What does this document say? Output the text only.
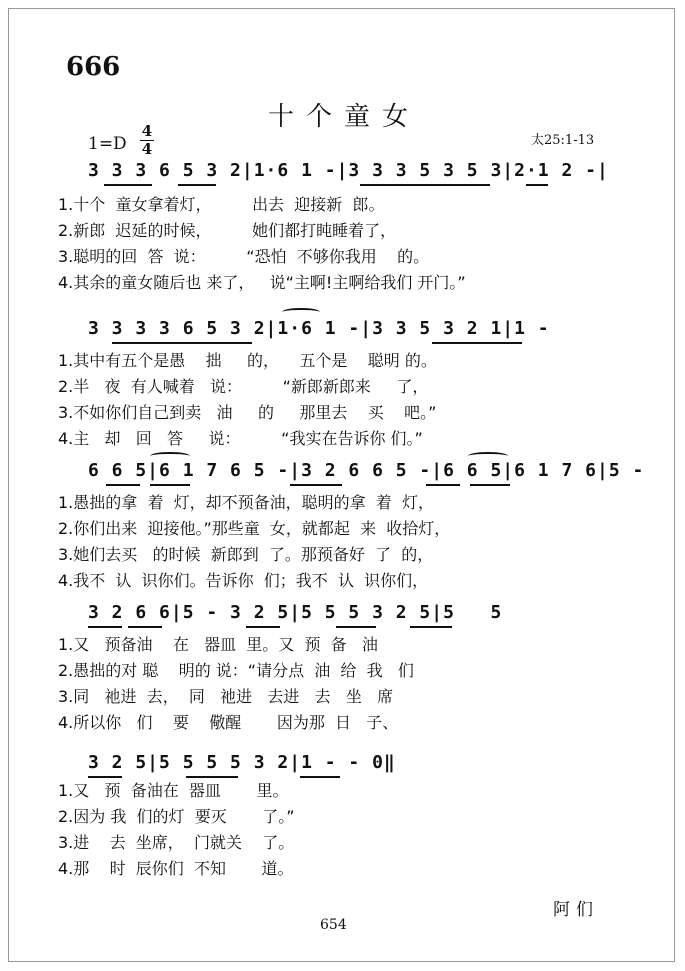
666
十个童女
1=D
4
4	太25:1-13
3 3 3 6 5 3 2|1·6 1 -|3 3 3 5 3 5 3|2·1 2 -|
1.十个  童女拿着灯，        出去  迎接新  郎。
2.新郎  迟延的时候，        她们都打盹睡着了，
3.聪明的回  答  说：        “恐怕  不够你我用    的。
4.其余的童女随后也 来了，   说“主啊!主啊给我们 开门。”
3 3 3 3 6 5 3 2|1·6 1 -|3 3 5 3 2 1|1 -
1.其中有五个是愚    拙     的，    五个是    聪明 的。
2.半   夜  有人喊着   说：        “新郎新郎来     了，
3.不如你们自己到卖   油     的     那里去    买    吧。”
4.主   却   回   答     说：        “我实在告诉你 们。”
6 6 5|6 1 7 6 5 -|3 2 6 6 5 -|6 6 5|6 1 7 6|5 -
1.愚拙的拿  着  灯，却不预备油，聪明的拿  着  灯，
2.你们出来  迎接他。”那些童  女，就都起  来  收拾灯，
3.她们去买   的时候  新郎到  了。那预备好  了  的，
4.我不  认  识你们。告诉你  们；我不  认  识你们，
3 2 6 6|5 - 3 2 5|5 5 5 3 2 5|5   5
1.又   预备油    在   器皿  里。又  预  备   油
2.愚拙的对 聪    明的 说：“请分点  油  给  我   们
3.同   祂进  去，  同   祂进   去进   去   坐   席
4.所以你   们    要    儆醒       因为那  日   子、
3 2 5|5 5 5 5 3 2|1 - - 0‖
1.又   预  备油在  器皿       里。
2.因为 我  们的灯  要灭       了。”
3.进    去  坐席，  门就关    了。
4.那    时  辰你们  不知       道。
阿们
654
